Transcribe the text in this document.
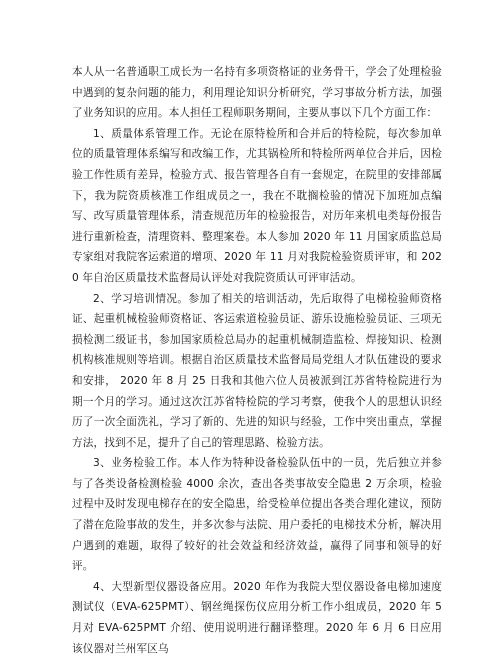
本人从一名普通职工成长为一名持有多项资格证的业务骨干，学会了处理检验中遇到的复杂问题的能力，利用理论知识分析研究，学习事故分析方法，加强了业务知识的应用。本人担任工程师职务期间，主要从事以下几个方面工作：

1、质量体系管理工作。无论在原特检所和合并后的特检院，每次参加单位的质量管理体系编写和改编工作，尤其锅检所和特检所两单位合并后，因检验工作性质有差异，检验方式、报告管理各自有一套规定，在院里的安排部属下，我为院资质核准工作组成员之一，我在不耽搁检验的情况下加班加点编写、改写质量管理体系，清查规范历年的检验报告，对历年来机电类每份报告进行重新检查，清理资料、整理案卷。本人参加 2020 年 11 月国家质监总局专家组对我院客运索道的增项、2020 年 11 月对我院检验资质评审，和 2020 年自治区质量技术监督局认评处对我院资质认可评审活动。

2、学习培训情况。参加了相关的培训活动，先后取得了电梯检验师资格证、起重机械检验师资格证、客运索道检验员证、游乐设施检验员证、三项无损检测二级证书，参加国家质检总局办的起重机械制造监检、焊接知识、检测机构核准规则等培训。根据自治区质量技术监督局局党组人才队伍建设的要求和安排， 2020 年 8 月 25 日我和其他六位人员被派到江苏省特检院进行为期一个月的学习。通过这次江苏省特检院的学习考察，使我个人的思想认识经历了一次全面洗礼，学习了新的、先进的知识与经验，工作中突出重点，掌握方法，找到不足，提升了自己的管理思路、检验方法。

3、业务检验工作。本人作为特种设备检验队伍中的一员，先后独立并参与了各类设备检测检验 4000 余次，查出各类事故安全隐患 2 万余项，检验过程中及时发现电梯存在的安全隐患，给受检单位提出各类合理化建议，预防了潜在危险事故的发生，并多次参与法院、用户委托的电梯技术分析，解决用户遇到的难题，取得了较好的社会效益和经济效益，赢得了同事和领导的好评。

4、大型新型仪器设备应用。2020 年作为我院大型仪器设备电梯加速度测试仪（EVA-625PMT）、钢丝绳探伤仪应用分析工作小组成员，2020 年 5 月对 EVA-625PMT 介绍、使用说明进行翻译整理。2020 年 6 月 6 日应用该仪器对兰州军区乌
